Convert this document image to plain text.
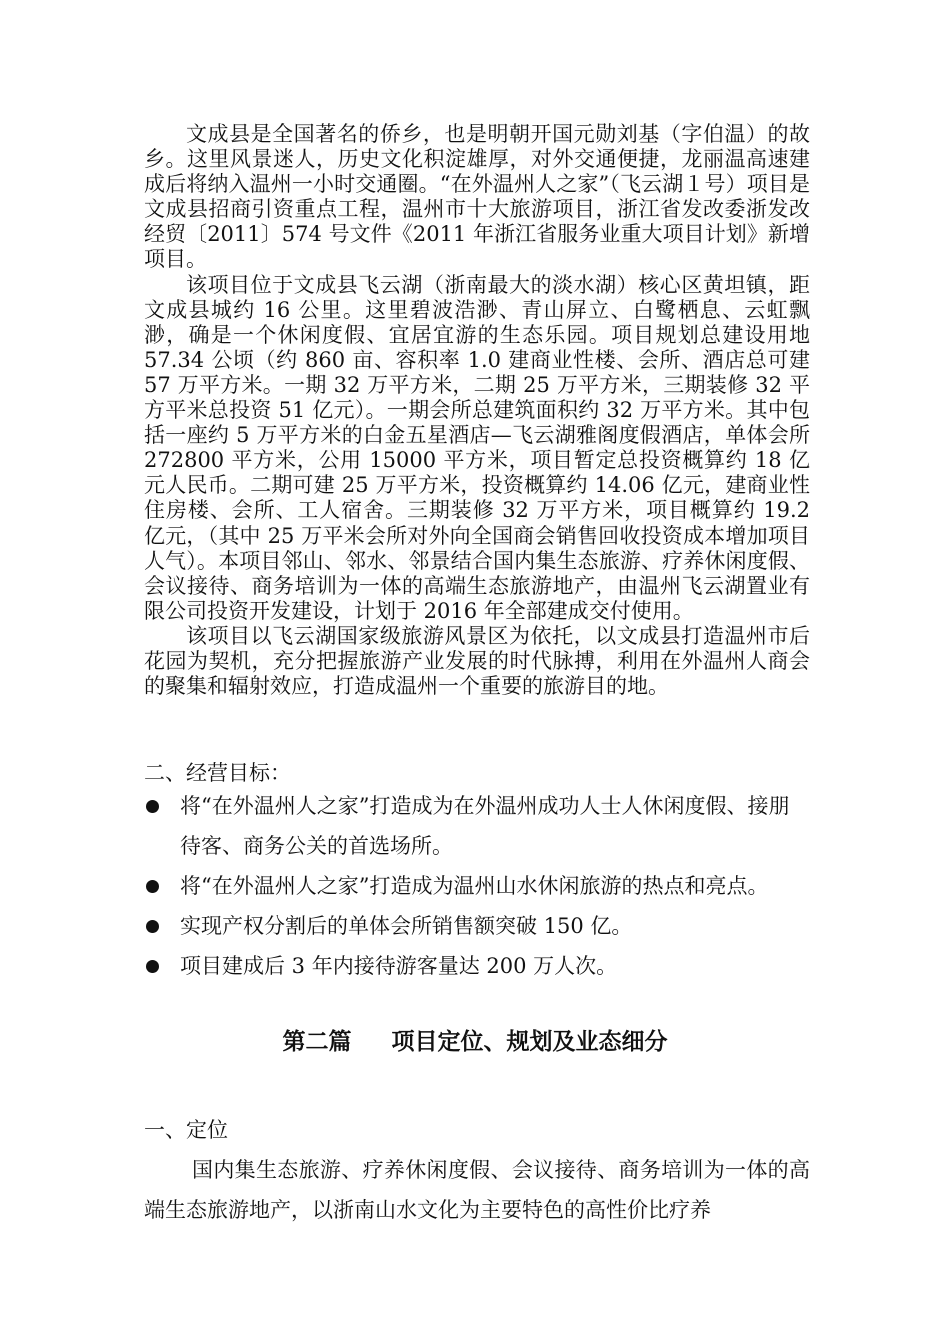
文成县是全国著名的侨乡，也是明朝开国元勋刘基（字伯温）的故乡。这里风景迷人，历史文化积淀雄厚，对外交通便捷，龙丽温高速建成后将纳入温州一小时交通圈。“在外温州人之家”（飞云湖１号）项目是文成县招商引资重点工程，温州市十大旅游项目，浙江省发改委浙发改经贸〔2011〕574 号文件《2011 年浙江省服务业重大项目计划》新增项目。

该项目位于文成县飞云湖（浙南最大的淡水湖）核心区黄坦镇，距文成县城约 16 公里。这里碧波浩渺、青山屏立、白鹭栖息、云虹飘渺，确是一个休闲度假、宜居宜游的生态乐园。项目规划总建设用地 57.34 公顷（约 860 亩、容积率 1.0 建商业性楼、会所、酒店总可建 57 万平方米。一期 32 万平方米，二期 25 万平方米，三期装修 32 平方平米总投资 51 亿元）。一期会所总建筑面积约 32 万平方米。其中包括一座约 5 万平方米的白金五星酒店—飞云湖雅阁度假酒店，单体会所 272800 平方米，公用 15000 平方米，项目暂定总投资概算约 18 亿元人民币。二期可建 25 万平方米，投资概算约 14.06 亿元，建商业性住房楼、会所、工人宿舍。三期装修 32 万平方米，项目概算约 19.2 亿元，（其中 25 万平米会所对外向全国商会销售回收投资成本增加项目人气）。本项目邻山、邻水、邻景结合国内集生态旅游、疗养休闲度假、会议接待、商务培训为一体的高端生态旅游地产，由温州飞云湖置业有限公司投资开发建设，计划于 2016 年全部建成交付使用。

该项目以飞云湖国家级旅游风景区为依托，以文成县打造温州市后花园为契机，充分把握旅游产业发展的时代脉搏，利用在外温州人商会的聚集和辐射效应，打造成温州一个重要的旅游目的地。

二、经营目标：

将“在外温州人之家”打造成为在外温州成功人士人休闲度假、接朋待客、商务公关的首选场所。
将“在外温州人之家”打造成为温州山水休闲旅游的热点和亮点。
实现产权分割后的单体会所销售额突破 150 亿。
项目建成后 3 年内接待游客量达 200 万人次。
第二篇 项目定位、规划及业态细分

一、定位

国内集生态旅游、疗养休闲度假、会议接待、商务培训为一体的高端生态旅游地产，以浙南山水文化为主要特色的高性价比疗养
